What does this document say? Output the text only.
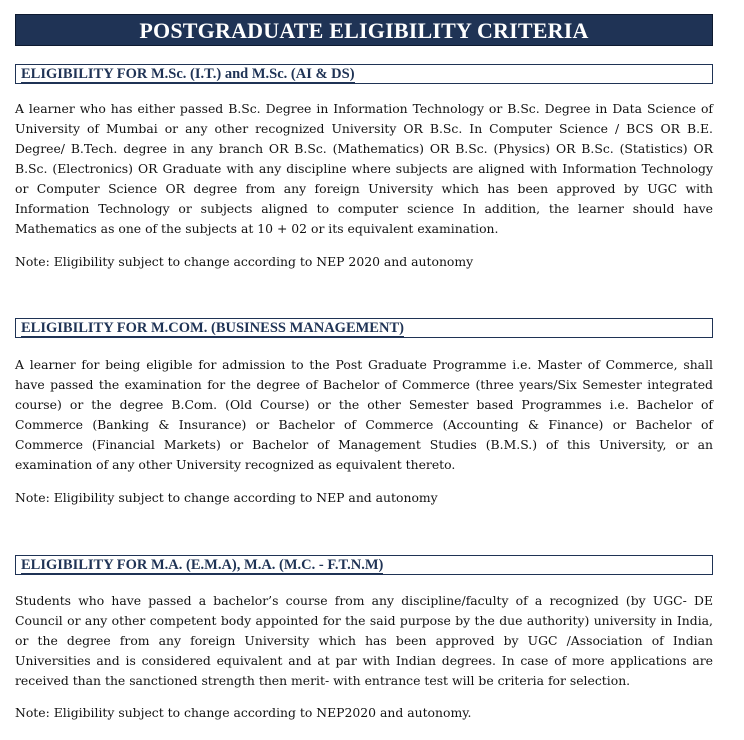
POSTGRADUATE ELIGIBILITY CRITERIA
ELIGIBILITY FOR M.Sc. (I.T.) and M.Sc. (AI & DS)

A learner who has either passed B.Sc. Degree in Information Technology or B.Sc. Degree in Data Science of University of Mumbai or any other recognized University OR B.Sc. In Computer Science / BCS OR B.E. Degree/ B.Tech. degree in any branch OR B.Sc. (Mathematics) OR B.Sc. (Physics) OR B.Sc. (Statistics) OR B.Sc. (Electronics) OR Graduate with any discipline where subjects are aligned with Information Technology or Computer Science OR degree from any foreign University which has been approved by UGC with Information Technology or subjects aligned to computer science In addition, the learner should have Mathematics as one of the subjects at 10 + 02 or its equivalent examination.

Note: Eligibility subject to change according to NEP 2020 and autonomy

ELIGIBILITY FOR M.COM. (BUSINESS MANAGEMENT)

A learner for being eligible for admission to the Post Graduate Programme i.e. Master of Commerce, shall have passed the examination for the degree of Bachelor of Commerce (three years/Six Semester integrated course) or the degree B.Com. (Old Course) or the other Semester based Programmes i.e. Bachelor of Commerce (Banking & Insurance) or Bachelor of Commerce (Accounting & Finance) or Bachelor of Commerce (Financial Markets) or Bachelor of Management Studies (B.M.S.) of this University, or an examination of any other University recognized as equivalent thereto.

Note: Eligibility subject to change according to NEP and autonomy

ELIGIBILITY FOR M.A. (E.M.A), M.A. (M.C. - F.T.N.M)

Students who have passed a bachelor’s course from any discipline/faculty of a recognized (by UGC- DE Council or any other competent body appointed for the said purpose by the due authority) university in India, or the degree from any foreign University which has been approved by UGC /Association of Indian Universities and is considered equivalent and at par with Indian degrees. In case of more applications are received than the sanctioned strength then merit- with entrance test will be criteria for selection.

Note: Eligibility subject to change according to NEP2020 and autonomy.
